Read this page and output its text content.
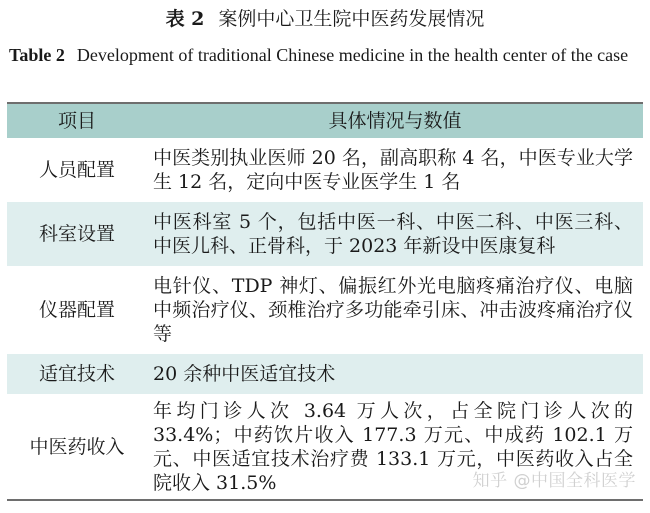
表 2 案例中心卫生院中医药发展情况
Table 2 Development of traditional Chinese medicine in the health center of the case
项目	具体情况与数值
人员配置	中医类别执业医师 20 名，副高职称 4 名，中医专业大学生 12 名，定向中医专业医学生 1 名
科室设置	中医科室 5 个，包括中医一科、中医二科、中医三科、中医儿科、正骨科，于 2023 年新设中医康复科
仪器配置	电针仪、TDP 神灯、偏振红外光电脑疼痛治疗仪、电脑中频治疗仪、颈椎治疗多功能牵引床、冲击波疼痛治疗仪等
适宜技术	20 余种中医适宜技术
中医药收入	年均门诊人次 3.64 万人次，占全院门诊人次的 33.4%；中药饮片收入 177.3 万元、中成药 102.1 万元、中医适宜技术治疗费 133.1 万元，中医药收入占全院收入 31.5%	知乎 @中国全科医学
